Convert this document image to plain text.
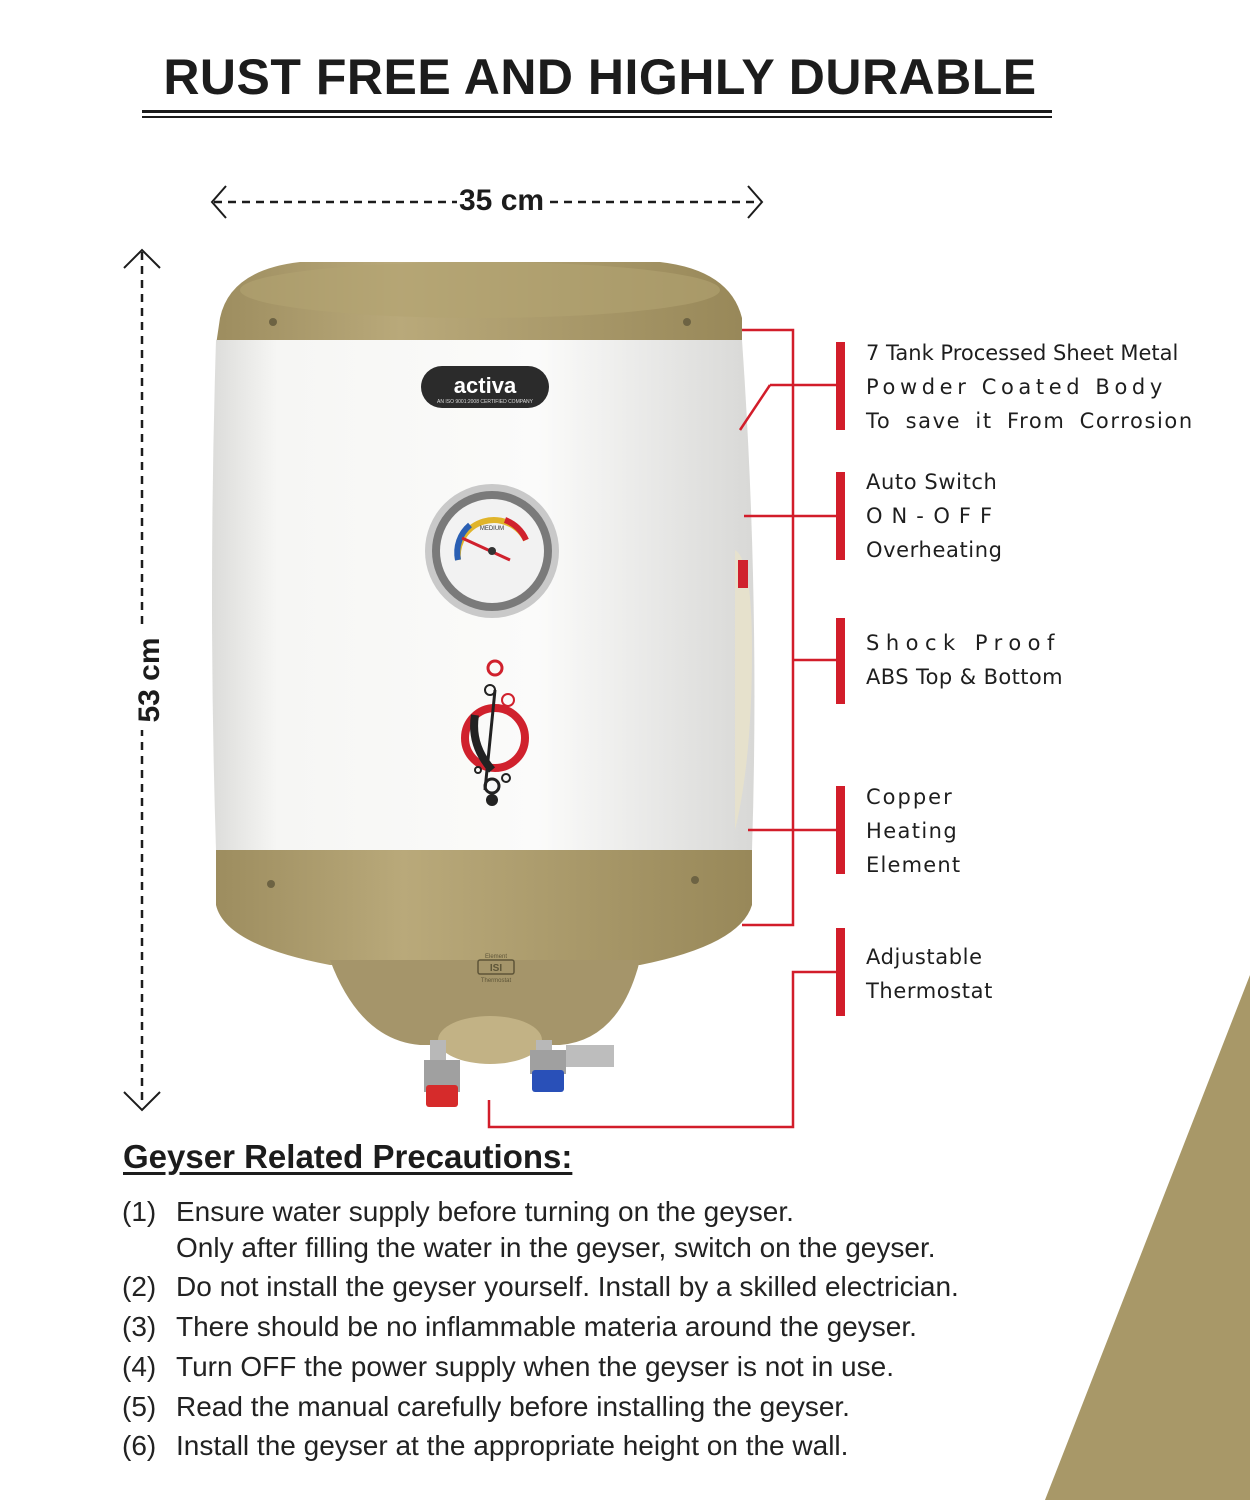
RUST FREE AND HIGHLY DURABLE
35 cm
53 cm
activa
AN ISO 9001:2008 CERTIFIED COMPANY
MEDIUM
Element
ISI
Thermostat
7 Tank Processed Sheet Metal
Powder Coated Body
To save it From Corrosion
Auto Switch
ON-OFF
Overheating
Shock Proof
ABS Top & Bottom
Copper
Heating
Element
Adjustable
Thermostat
Geyser Related Precautions:
(1) Ensure water supply before turning on the geyser.
Only after filling the water in the geyser, switch on the geyser.
(2) Do not install the geyser yourself. Install by a skilled electrician.
(3) There should be no inflammable materia around the geyser.
(4) Turn OFF the power supply when the geyser is not in use.
(5) Read the manual carefully before installing the geyser.
(6) Install the geyser at the appropriate height on the wall.
